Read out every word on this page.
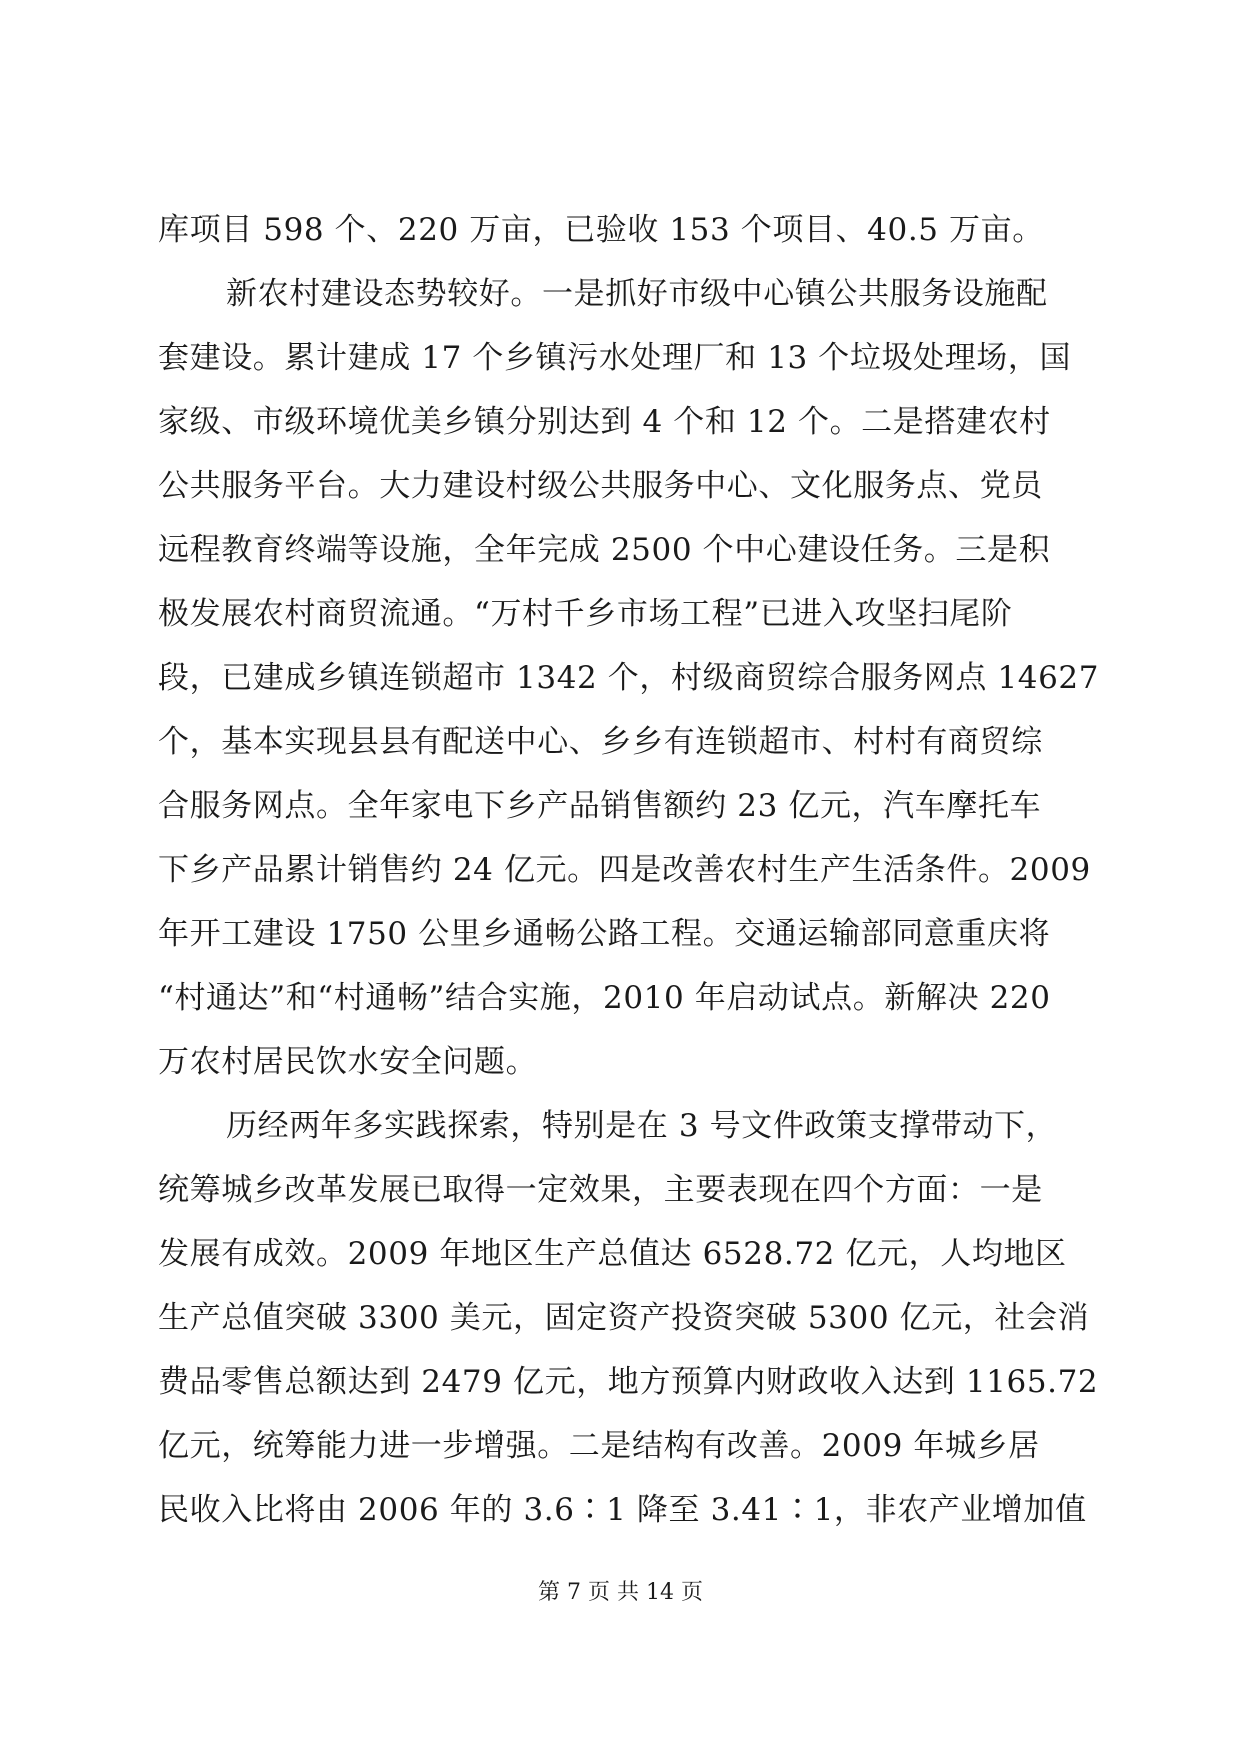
库项目 598 个、220 万亩，已验收 153 个项目、40.5 万亩。
新农村建设态势较好。一是抓好市级中心镇公共服务设施配
套建设。累计建成 17 个乡镇污水处理厂和 13 个垃圾处理场，国
家级、市级环境优美乡镇分别达到 4 个和 12 个。二是搭建农村
公共服务平台。大力建设村级公共服务中心、文化服务点、党员
远程教育终端等设施，全年完成 2500 个中心建设任务。三是积
极发展农村商贸流通。“万村千乡市场工程”已进入攻坚扫尾阶
段，已建成乡镇连锁超市 1342 个，村级商贸综合服务网点 14627
个，基本实现县县有配送中心、乡乡有连锁超市、村村有商贸综
合服务网点。全年家电下乡产品销售额约 23 亿元，汽车摩托车
下乡产品累计销售约 24 亿元。四是改善农村生产生活条件。2009
年开工建设 1750 公里乡通畅公路工程。交通运输部同意重庆将
“村通达”和“村通畅”结合实施，2010 年启动试点。新解决 220
万农村居民饮水安全问题。
历经两年多实践探索，特别是在 3 号文件政策支撑带动下，
统筹城乡改革发展已取得一定效果，主要表现在四个方面：一是
发展有成效。2009 年地区生产总值达 6528.72 亿元，人均地区
生产总值突破 3300 美元，固定资产投资突破 5300 亿元，社会消
费品零售总额达到 2479 亿元，地方预算内财政收入达到 1165.72
亿元，统筹能力进一步增强。二是结构有改善。2009 年城乡居
民收入比将由 2006 年的 3.6∶1 降至 3.41∶1，非农产业增加值
第 7 页 共 14 页
